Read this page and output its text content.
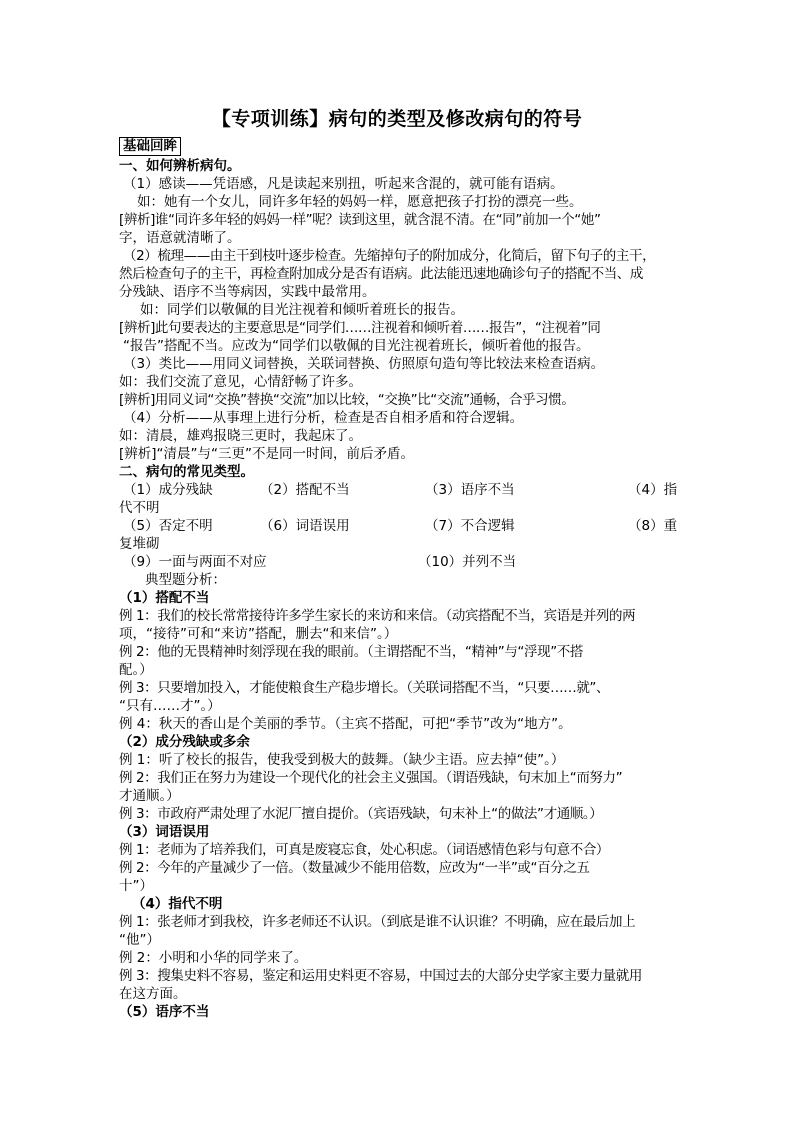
【专项训练】病句的类型及修改病句的符号
基础回眸
一、如何辨析病句。
（1）感读——凭语感，凡是读起来别扭，听起来含混的，就可能有语病。
如：她有一个女儿，同许多年轻的妈妈一样，愿意把孩子打扮的漂亮一些。
[辨析]谁“同许多年轻的妈妈一样”呢？读到这里，就含混不清。在“同”前加一个“她”
字，语意就清晰了。
（2）梳理——由主干到枝叶逐步检查。先缩掉句子的附加成分，化简后，留下句子的主干，
然后检查句子的主干，再检查附加成分是否有语病。此法能迅速地确诊句子的搭配不当、成
分残缺、语序不当等病因，实践中最常用。
如：同学们以敬佩的目光注视着和倾听着班长的报告。
[辨析]此句要表达的主要意思是“同学们……注视着和倾听着……报告”，“注视着”同
“报告”搭配不当。应改为“同学们以敬佩的目光注视着班长，倾听着他的报告。
（3）类比——用同义词替换，关联词替换、仿照原句造句等比较法来检查语病。
如：我们交流了意见，心情舒畅了许多。
[辨析]用同义词“交换”替换“交流”加以比较，“交换”比“交流”通畅，合乎习惯。
（4）分析——从事理上进行分析，检查是否自相矛盾和符合逻辑。
如：清晨，雄鸡报晓三更时，我起床了。
[辨析]“清晨”与“三更”不是同一时间，前后矛盾。
二、病句的常见类型。
（1）成分残缺	（2）搭配不当	（3）语序不当	（4）指
代不明
（5）否定不明	（6）词语误用	（7）不合逻辑	（8）重
复堆砌
（9）一面与两面不对应	（10）并列不当
典型题分析：
（1）搭配不当
例 1：我们的校长常常接待许多学生家长的来访和来信。（动宾搭配不当，宾语是并列的两
项，“接待”可和“来访”搭配，删去“和来信”。）
例 2：他的无畏精神时刻浮现在我的眼前。（主谓搭配不当，“精神”与“浮现”不搭
配。）
例 3：只要增加投入，才能使粮食生产稳步增长。（关联词搭配不当，“只要……就”、
“只有……才”。）
例 4：秋天的香山是个美丽的季节。（主宾不搭配，可把“季节”改为“地方”。
（2）成分残缺或多余
例 1：听了校长的报告，使我受到极大的鼓舞。（缺少主语。应去掉“使”。）
例 2：我们正在努力为建设一个现代化的社会主义强国。（谓语残缺，句末加上“而努力”
才通顺。）
例 3：市政府严肃处理了水泥厂擅自提价。（宾语残缺，句末补上“的做法”才通顺。）
（3）词语误用
例 1：老师为了培养我们，可真是废寝忘食，处心积虑。（词语感情色彩与句意不合）
例 2：今年的产量减少了一倍。（数量减少不能用倍数，应改为“一半”或“百分之五
十”）
（4）指代不明
例 1：张老师才到我校，许多老师还不认识。（到底是谁不认识谁？不明确，应在最后加上
“他”）
例 2：小明和小华的同学来了。
例 3：搜集史料不容易，鉴定和运用史料更不容易，中国过去的大部分史学家主要力量就用
在这方面。
（5）语序不当
